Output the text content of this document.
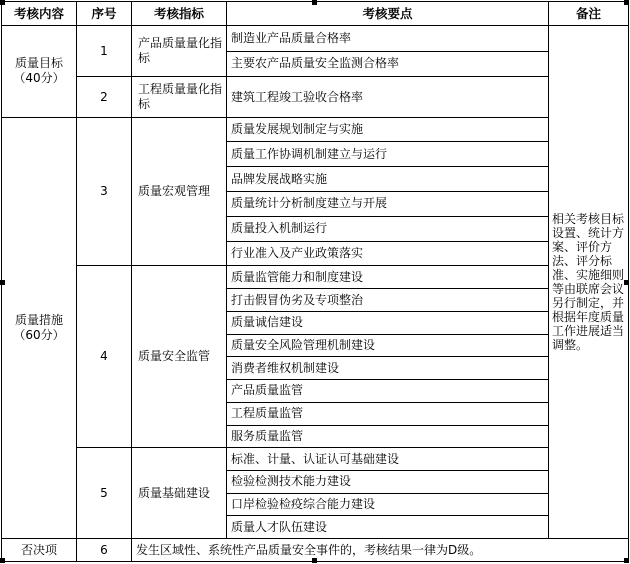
考核内容	序号	考核指标	考核要点	备注

质量目标
（40分）	1	产品质量量化指标	制造业产品质量合格率	相关考核目标设置、统计方案、评价方法、评分标准、实施细则等由联席会议另行制定，并根据年度质量工作进展适当调整。
			主要农产品质量安全监测合格率	
	2	工程质量量化指标	建筑工程竣工验收合格率	

质量措施
（60分）	3	质量宏观管理	质量发展规划制定与实施	
			质量工作协调机制建立与运行	
			品牌发展战略实施	
			质量统计分析制度建立与开展	
			质量投入机制运行	
			行业准入及产业政策落实	
	4	质量安全监管	质量监管能力和制度建设	
			打击假冒伪劣及专项整治	
			质量诚信建设	
			质量安全风险管理机制建设	
			消费者维权机制建设	
			产品质量监管	
			工程质量监管	
			服务质量监管	
	5	质量基础建设	标准、计量、认证认可基础建设	
			检验检测技术能力建设	
			口岸检验检疫综合能力建设	
			质量人才队伍建设	
否决项	6	发生区域性、系统性产品质量安全事件的，考核结果一律为D级。		
